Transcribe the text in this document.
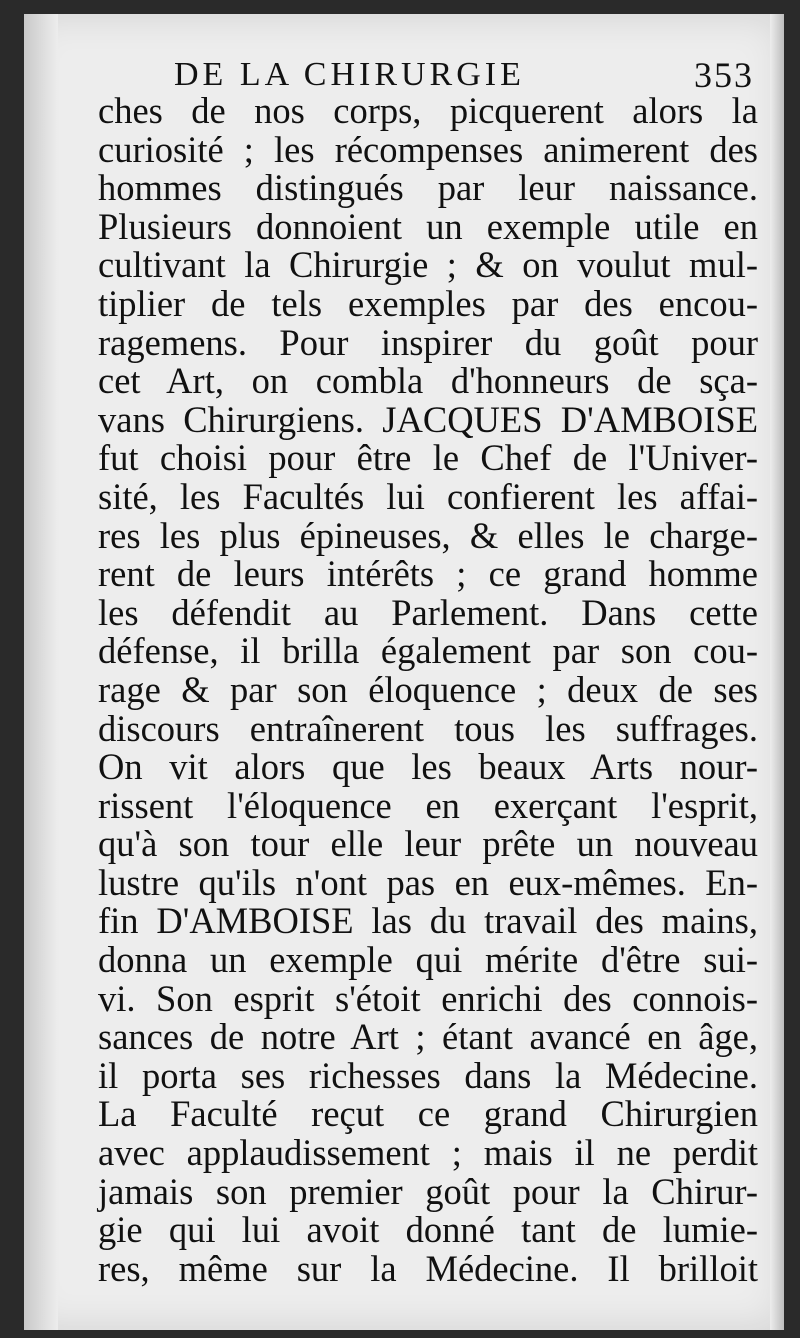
DE LA CHIRURGIE	353
ches de nos corps, picquerent alors la
curiosité ; les récompenses animerent des
hommes distingués par leur naissance.
Plusieurs donnoient un exemple utile en
cultivant la Chirurgie ; & on voulut mul-
tiplier de tels exemples par des encou-
ragemens. Pour inspirer du goût pour
cet Art, on combla d'honneurs de sça-
vans Chirurgiens. JACQUES D'AMBOISE
fut choisi pour être le Chef de l'Univer-
sité, les Facultés lui confierent les affai-
res les plus épineuses, & elles le charge-
rent de leurs intérêts ; ce grand homme
les défendit au Parlement. Dans cette
défense, il brilla également par son cou-
rage & par son éloquence ; deux de ses
discours entraînerent tous les suffrages.
On vit alors que les beaux Arts nour-
rissent l'éloquence en exerçant l'esprit,
qu'à son tour elle leur prête un nouveau
lustre qu'ils n'ont pas en eux-mêmes. En-
fin D'AMBOISE las du travail des mains,
donna un exemple qui mérite d'être sui-
vi. Son esprit s'étoit enrichi des connois-
sances de notre Art ; étant avancé en âge,
il porta ses richesses dans la Médecine.
La Faculté reçut ce grand Chirurgien
avec applaudissement ; mais il ne perdit
jamais son premier goût pour la Chirur-
gie qui lui avoit donné tant de lumie-
res, même sur la Médecine. Il brilloit
